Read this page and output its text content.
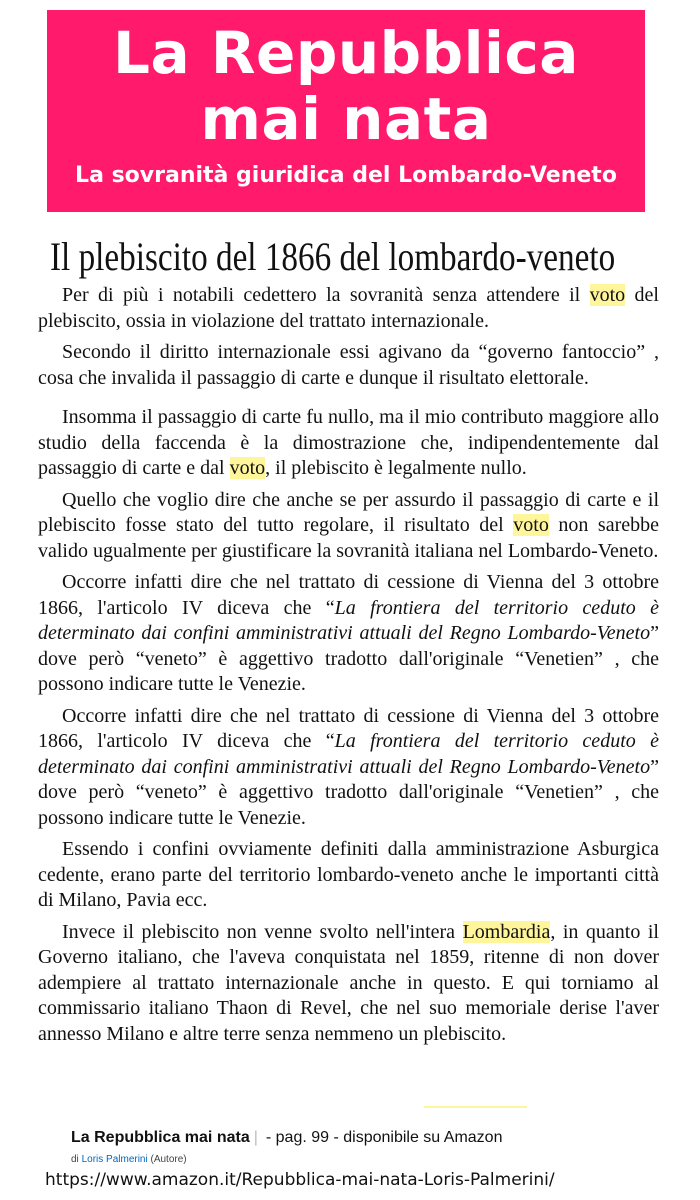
La Repubblica
mai nata
La sovranità giuridica del Lombardo-Veneto
Il plebiscito del 1866 del lombardo-veneto

Per di più i notabili cedettero la sovranità senza attendere il voto del plebiscito, ossia in violazione del trattato internazionale.

Secondo il diritto internazionale essi agivano da “governo fantoccio” , cosa che invalida il passaggio di carte e dunque il risultato elettorale.

Insomma il passaggio di carte fu nullo, ma il mio contributo maggiore allo studio della faccenda è la dimostrazione che, indipendentemente dal passaggio di carte e dal voto, il plebiscito è legalmente nullo.

Quello che voglio dire che anche se per assurdo il passaggio di carte e il plebiscito fosse stato del tutto regolare, il risultato del voto non sarebbe valido ugualmente per giustificare la sovranità italiana nel Lombardo-Veneto.

Occorre infatti dire che nel trattato di cessione di Vienna del 3 ottobre 1866, l'articolo IV diceva che “La frontiera del territorio ceduto è determinato dai confini amministrativi attuali del Regno Lombardo-Veneto” dove però “veneto” è aggettivo tradotto dall'originale “Venetien” , che possono indicare tutte le Venezie.

Occorre infatti dire che nel trattato di cessione di Vienna del 3 ottobre 1866, l'articolo IV diceva che “La frontiera del territorio ceduto è determinato dai confini amministrativi attuali del Regno Lombardo-Veneto” dove però “veneto” è aggettivo tradotto dall'originale “Venetien” , che possono indicare tutte le Venezie.

Essendo i confini ovviamente definiti dalla amministrazione Asburgica cedente, erano parte del territorio lombardo-veneto anche le importanti città di Milano, Pavia ecc.

Invece il plebiscito non venne svolto nell'intera Lombardia, in quanto il Governo italiano, che l'aveva conquistata nel 1859, ritenne di non dover adempiere al trattato internazionale anche in questo. E qui torniamo al commissario italiano Thaon di Revel, che nel suo memoriale derise l'aver annesso Milano e altre terre senza nemmeno un plebiscito.

La Repubblica mai nata | - pag. 99 - disponibile su Amazon
di Loris Palmerini (Autore)
https://www.amazon.it/Repubblica-mai-nata-Loris-Palmerini/
